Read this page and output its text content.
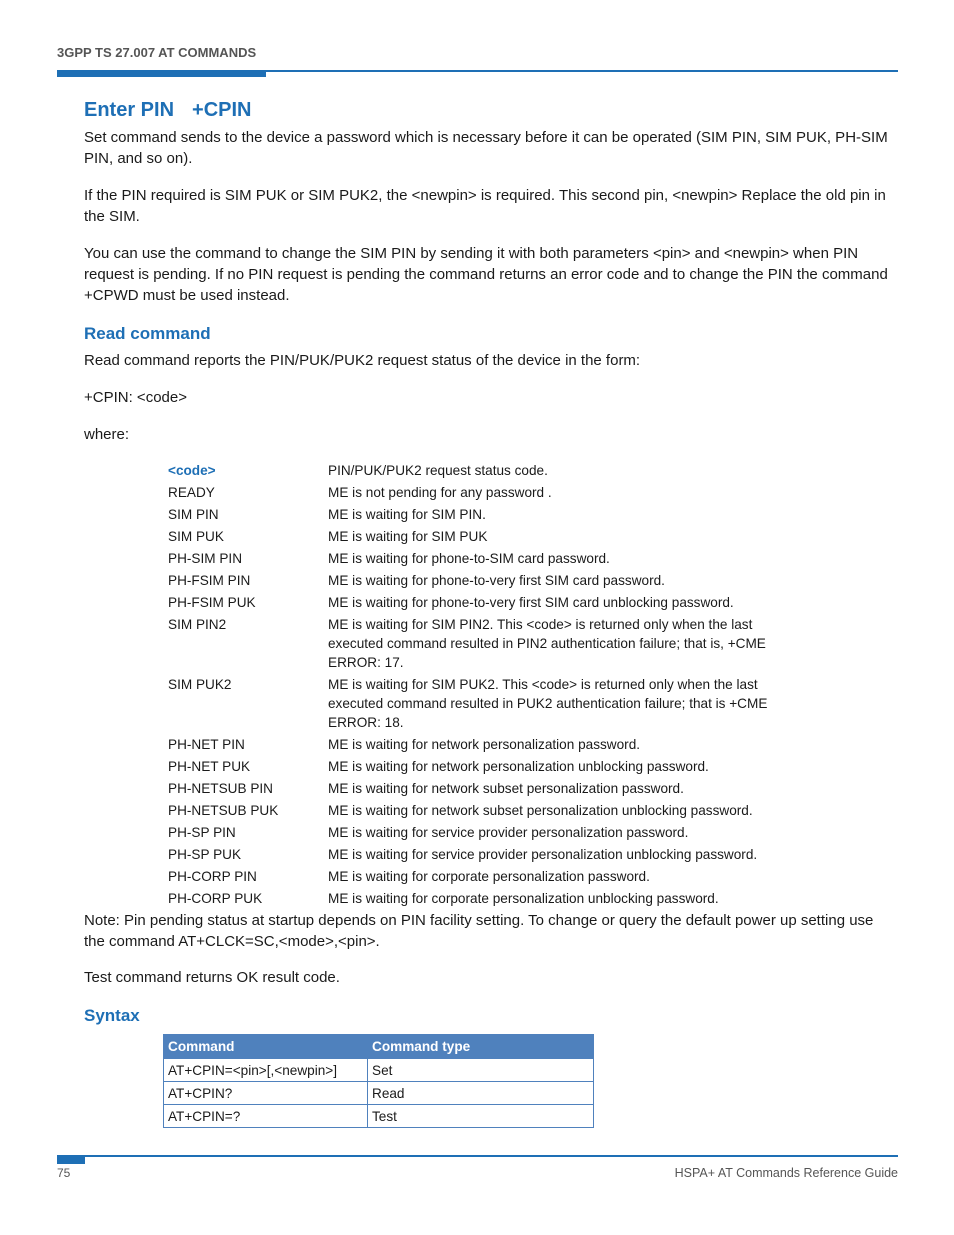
3GPP TS 27.007 AT COMMANDS
Enter PIN +CPIN

Set command sends to the device a password which is necessary before it can be operated (SIM PIN, SIM PUK, PH-SIM PIN, and so on).

If the PIN required is SIM PUK or SIM PUK2, the <newpin> is required. This second pin, <newpin> Replace the old pin in the SIM.

You can use the command to change the SIM PIN by sending it with both parameters <pin> and <newpin> when PIN request is pending. If no PIN request is pending the command returns an error code and to change the PIN the command +CPWD must be used instead.

Read command

Read command reports the PIN/PUK/PUK2 request status of the device in the form:

+CPIN: <code>

where:

<code>	PIN/PUK/PUK2 request status code.
READY	ME is not pending for any password .
SIM PIN	ME is waiting for SIM PIN.
SIM PUK	ME is waiting for SIM PUK
PH-SIM PIN	ME is waiting for phone-to-SIM card password.
PH-FSIM PIN	ME is waiting for phone-to-very first SIM card password.
PH-FSIM PUK	ME is waiting for phone-to-very first SIM card unblocking password.
SIM PIN2	ME is waiting for SIM PIN2. This <code> is returned only when the last executed command resulted in PIN2 authentication failure; that is, +CME ERROR: 17.
SIM PUK2	ME is waiting for SIM PUK2. This <code> is returned only when the last executed command resulted in PUK2 authentication failure; that is +CME ERROR: 18.
PH-NET PIN	ME is waiting for network personalization password.
PH-NET PUK	ME is waiting for network personalization unblocking password.
PH-NETSUB PIN	ME is waiting for network subset personalization password.
PH-NETSUB PUK	ME is waiting for network subset personalization unblocking password.
PH-SP PIN	ME is waiting for service provider personalization password.
PH-SP PUK	ME is waiting for service provider personalization unblocking password.
PH-CORP PIN	ME is waiting for corporate personalization password.
PH-CORP PUK	ME is waiting for corporate personalization unblocking password.

Note: Pin pending status at startup depends on PIN facility setting. To change or query the default power up setting use the command AT+CLCK=SC,<mode>,<pin>.

Test command returns OK result code.

Syntax
Command	Command type
AT+CPIN=<pin>[,<newpin>]	Set
AT+CPIN?	Read
AT+CPIN=?	Test
75	HSPA+ AT Commands Reference Guide
